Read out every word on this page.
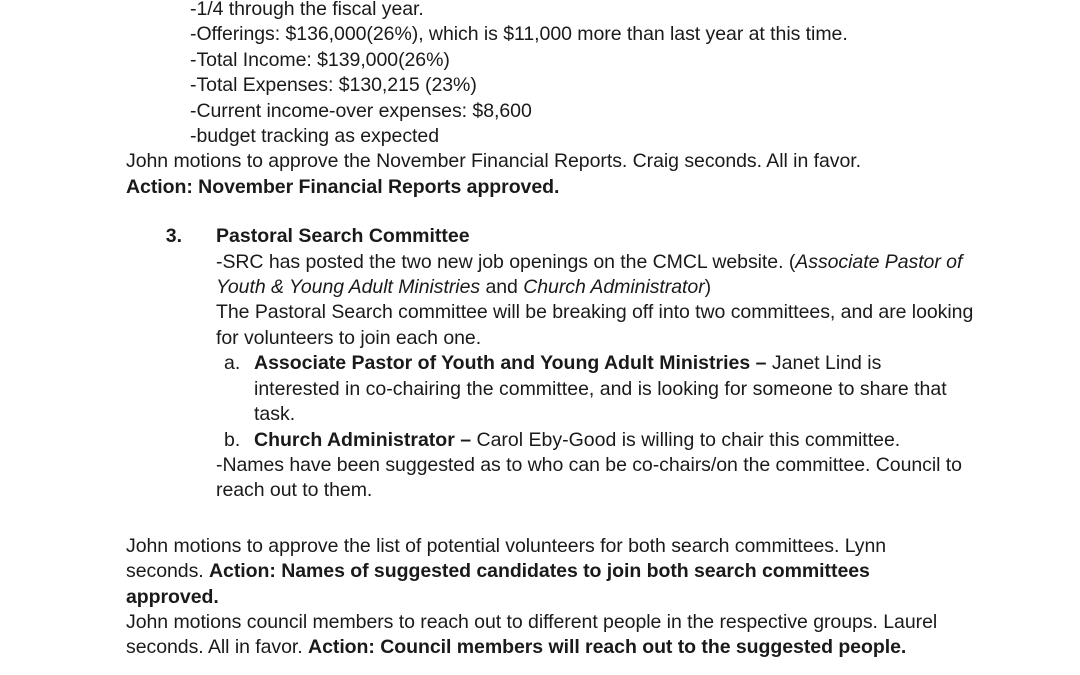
-1/4 through the fiscal year.

-Offerings: $136,000(26%), which is $11,000 more than last year at this time.

-Total Income: $139,000(26%)

-Total Expenses: $130,215 (23%)

-Current income-over expenses: $8,600

-budget tracking as expected

John motions to approve the November Financial Reports. Craig seconds. All in favor.

Action: November Financial Reports approved.

3. Pastoral Search Committee

-SRC has posted the two new job openings on the CMCL website. (Associate Pastor of Youth & Young Adult Ministries and Church Administrator)

The Pastoral Search committee will be breaking off into two committees, and are looking for volunteers to join each one.

a. Associate Pastor of Youth and Young Adult Ministries – Janet Lind is interested in co-chairing the committee, and is looking for someone to share that task.
b. Church Administrator – Carol Eby-Good is willing to chair this committee.

-Names have been suggested as to who can be co-chairs/on the committee. Council to reach out to them.

John motions to approve the list of potential volunteers for both search committees. Lynn seconds. Action: Names of suggested candidates to join both search committees approved.

John motions council members to reach out to different people in the respective groups. Laurel seconds. All in favor. Action: Council members will reach out to the suggested people.
